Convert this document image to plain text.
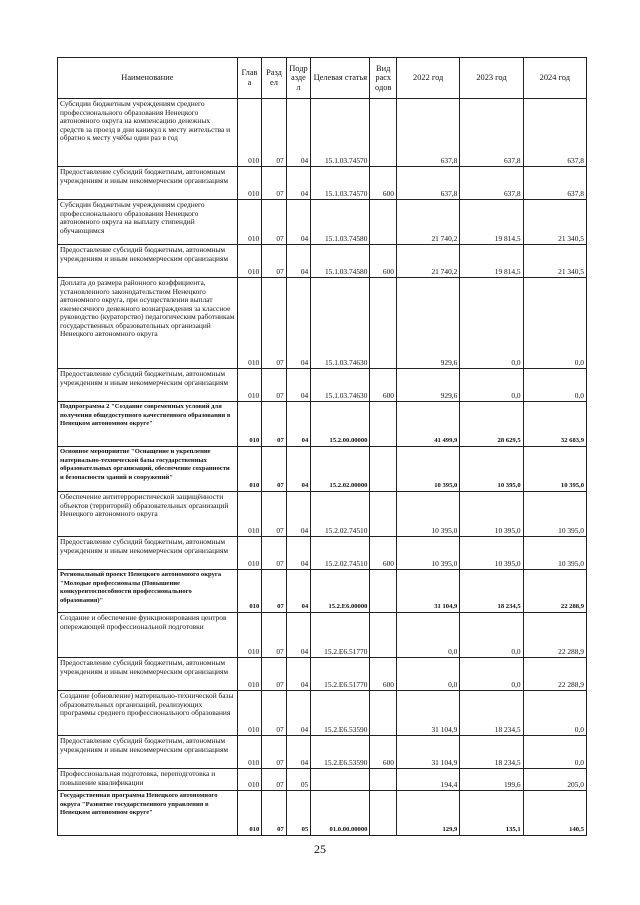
Наименование	Глав а	Разд ел	Подр азде л	Целевая статья	Вид расх одов	2022 год	2023 год	2024 год
Субсидии бюджетным учреждениям среднего профессионального образования Ненецкого автономного округа на компенсацию денежных средств за проезд в дни каникул к месту жительства и обратно к месту учёбы один раз в год	010	07	04	15.1.03.74570		637,8	637,8	637,8
Предоставление субсидий бюджетным, автономным учреждениям и иным некоммерческим организациям	010	07	04	15.1.03.74570	600	637,8	637,8	637,8
Субсидии бюджетным учреждениям среднего профессионального образования Ненецкого автономного округа на выплату стипендий обучающимся	010	07	04	15.1.03.74580		21 740,2	19 814,5	21 340,5
Предоставление субсидий бюджетным, автономным учреждениям и иным некоммерческим организациям	010	07	04	15.1.03.74580	600	21 740,2	19 814,5	21 340,5
Доплата до размера районного коэффициента, установленного законодательством Ненецкого автономного округа, при осуществлении выплат ежемесячного денежного вознаграждения за классное руководство (кураторство) педагогическим работникам государственных образовательных организаций Ненецкого автономного округа	010	07	04	15.1.03.74630		929,6	0,0	0,0
Предоставление субсидий бюджетным, автономным учреждениям и иным некоммерческим организациям	010	07	04	15.1.03.74630	600	929,6	0,0	0,0
Подпрограмма 2 "Создание современных условий для получения общедоступного качественного образования в Ненецком автономном округе"	010	07	04	15.2.00.00000		41 499,9	28 629,5	32 683,9
Основное мероприятие "Оснащение и укрепление материально-технической базы государственных образовательных организаций, обеспечение сохранности и безопасности зданий и сооружений"	010	07	04	15.2.02.00000		10 395,0	10 395,0	10 395,0
Обеспечение антитеррористической защищённости объектов (территорий) образовательных организаций Ненецкого автономного округа	010	07	04	15.2.02.74510		10 395,0	10 395,0	10 395,0
Предоставление субсидий бюджетным, автономным учреждениям и иным некоммерческим организациям	010	07	04	15.2.02.74510	600	10 395,0	10 395,0	10 395,0
Региональный проект Ненецкого автономного округа "Молодые профессионалы (Повышение конкурентоспособности профессионального образования)"	010	07	04	15.2.E6.00000		31 104,9	18 234,5	22 288,9
Создание и обеспечение функционирования центров опережающей профессиональной подготовки	010	07	04	15.2.E6.51770		0,0	0,0	22 288,9
Предоставление субсидий бюджетным, автономным учреждениям и иным некоммерческим организациям	010	07	04	15.2.E6.51770	600	0,0	0,0	22 288,9
Создание (обновление) материально-технической базы образовательных организаций, реализующих программы среднего профессионального образования	010	07	04	15.2.E6.53590		31 104,9	18 234,5	0,0
Предоставление субсидий бюджетным, автономным учреждениям и иным некоммерческим организациям	010	07	04	15.2.E6.53590	600	31 104,9	18 234,5	0,0
Профессиональная подготовка, переподготовка и повышение квалификации	010	07	05			194,4	199,6	205,0
Государственная программа Ненецкого автономного округа "Развитие государственного управления в Ненецком автономном округе"	010	07	05	01.0.00.00000		129,9	135,1	140,5
25
